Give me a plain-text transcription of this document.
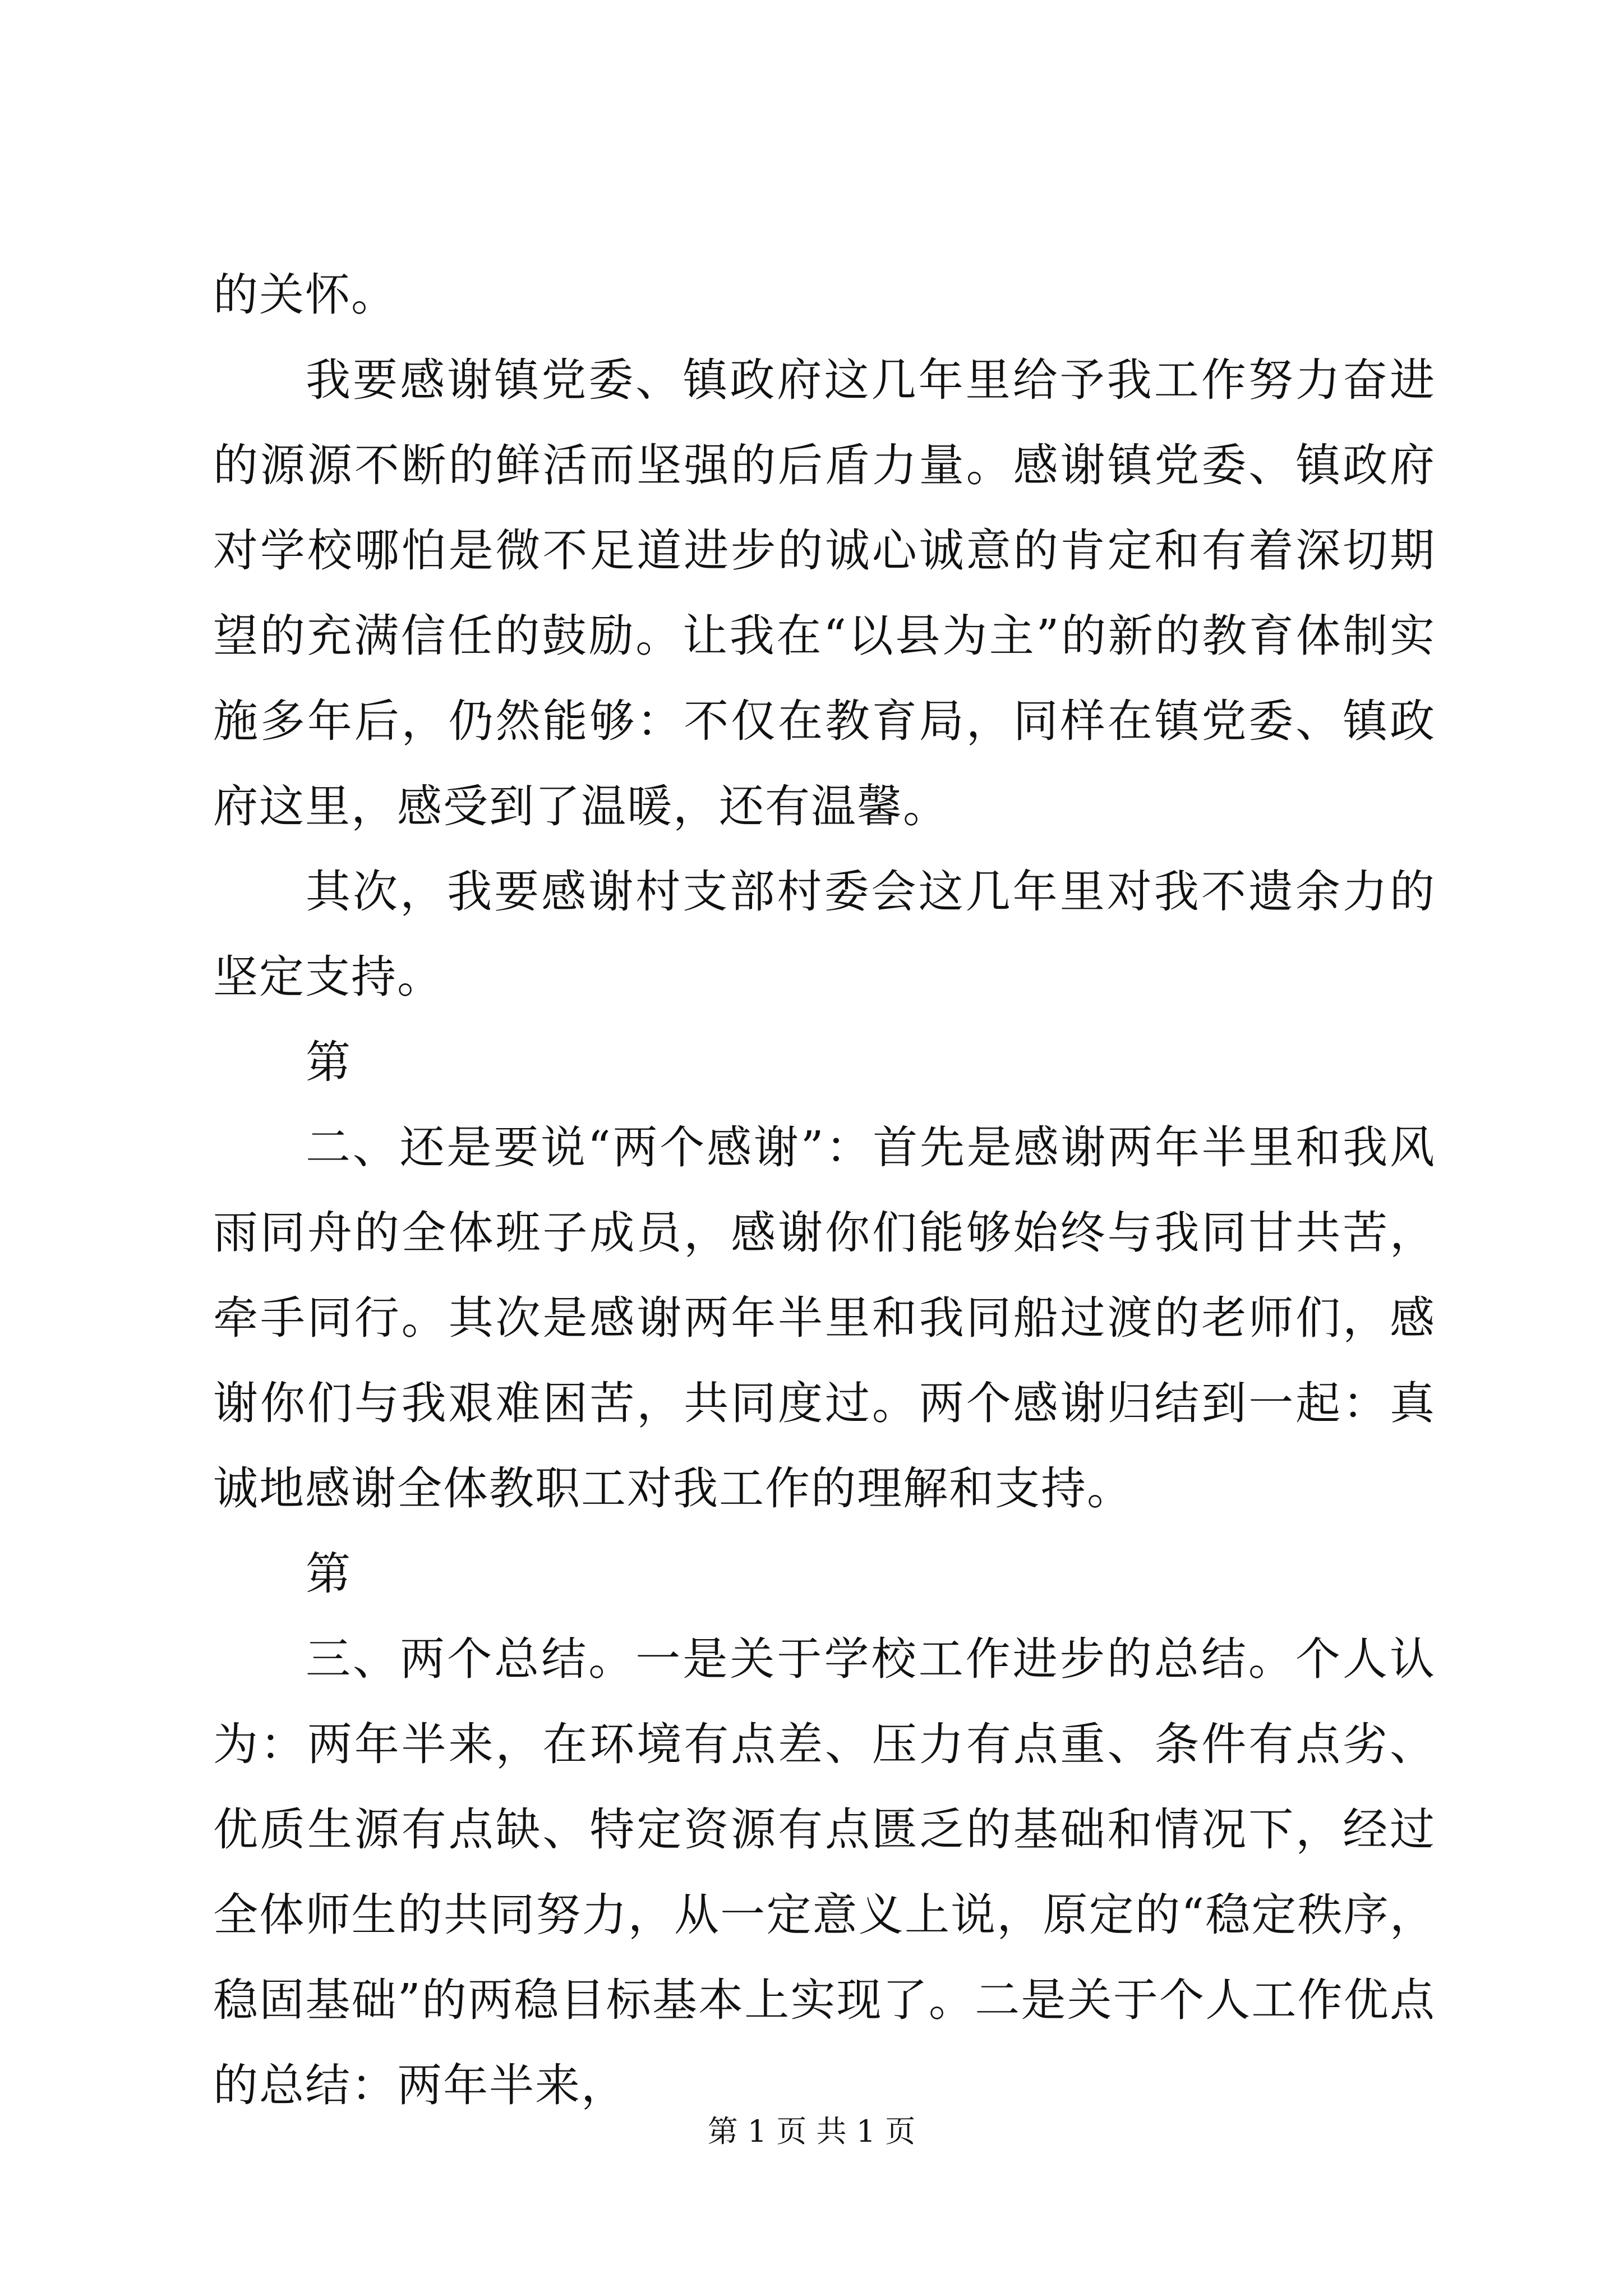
的关怀。

我要感谢镇党委、镇政府这几年里给予我工作努力奋进的源源不断的鲜活而坚强的后盾力量。感谢镇党委、镇政府对学校哪怕是微不足道进步的诚心诚意的肯定和有着深切期望的充满信任的鼓励。让我在“以县为主”的新的教育体制实施多年后，仍然能够：不仅在教育局，同样在镇党委、镇政府这里，感受到了温暖，还有温馨。

其次，我要感谢村支部村委会这几年里对我不遗余力的坚定支持。

第

二、还是要说“两个感谢”：首先是感谢两年半里和我风雨同舟的全体班子成员，感谢你们能够始终与我同甘共苦，牵手同行。其次是感谢两年半里和我同船过渡的老师们，感谢你们与我艰难困苦，共同度过。两个感谢归结到一起：真诚地感谢全体教职工对我工作的理解和支持。

第

三、两个总结。一是关于学校工作进步的总结。个人认为：两年半来，在环境有点差、压力有点重、条件有点劣、优质生源有点缺、特定资源有点匮乏的基础和情况下，经过全体师生的共同努力，从一定意义上说，原定的“稳定秩序，稳固基础”的两稳目标基本上实现了。二是关于个人工作优点的总结：两年半来，

第 1 页 共 1 页
